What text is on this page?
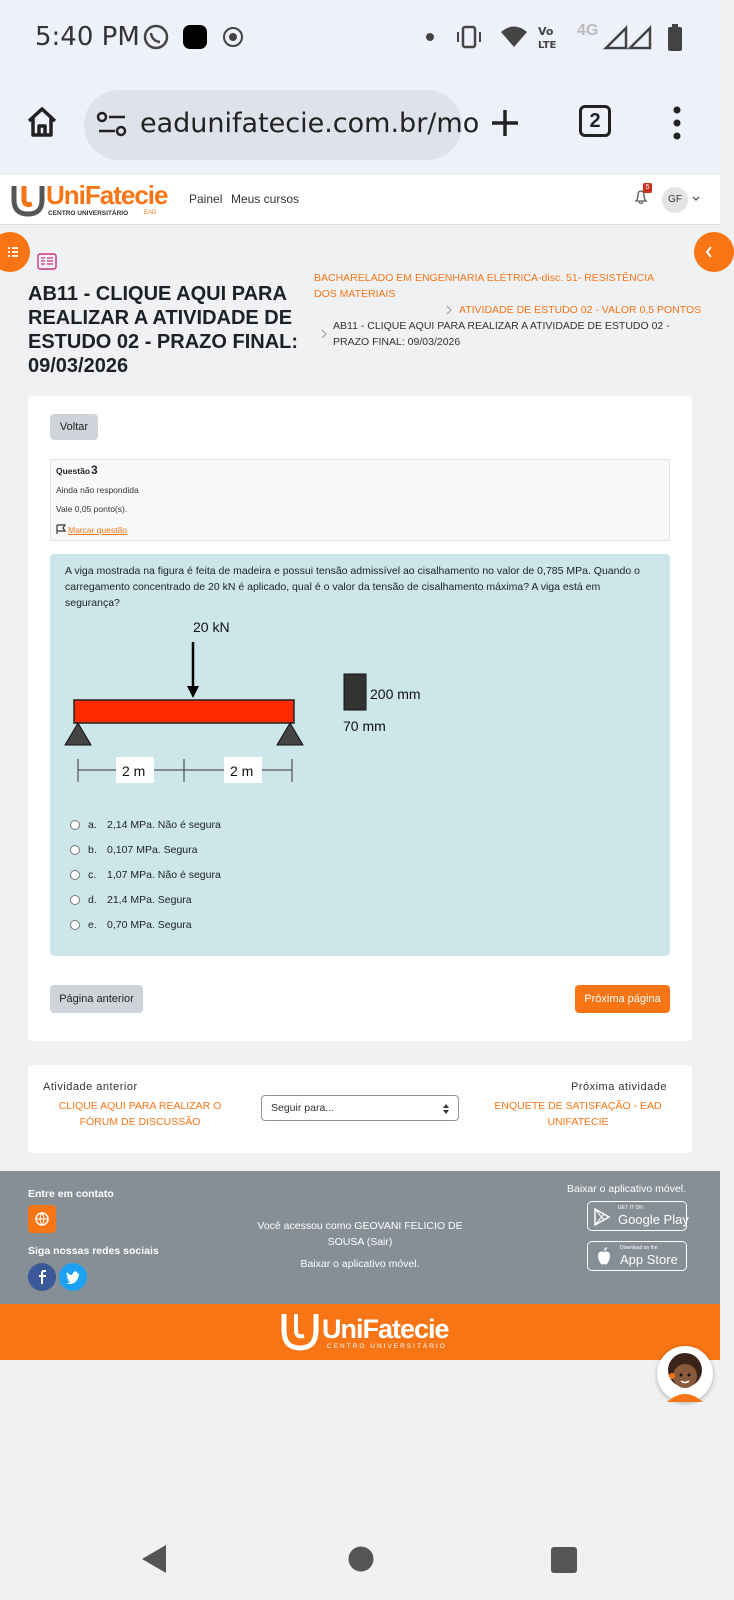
5:40 PM	Vo
LTE
4G
eadunifatecie.com.br/mo	2
UniFatecie
CENTRO UNIVERSITÁRIO	EAD
Painel Meus cursos
5
GF
AB11 - CLIQUE AQUI PARA REALIZAR A ATIVIDADE DE ESTUDO 02 - PRAZO FINAL: 09/03/2026
BACHARELADO EM ENGENHARIA ELÉTRICA-disc. 51- RESISTÊNCIA DOS MATERIAIS
ATIVIDADE DE ESTUDO 02 - VALOR 0,5 PONTOS
AB11 - CLIQUE AQUI PARA REALIZAR A ATIVIDADE DE ESTUDO 02 - PRAZO FINAL: 09/03/2026
Voltar
Questão 3
Ainda não respondida
Vale 0,05 ponto(s).
Marcar questão
A viga mostrada na figura é feita de madeira e possui tensão admissível ao cisalhamento no valor de 0,785 MPa. Quando o carregamento concentrado de 20 kN é aplicado, qual é o valor da tensão de cisalhamento máxima? A viga está em segurança?
20 kN
2 m	2 m
200 mm
70 mm
a. 2,14 MPa. Não é segura
b. 0,107 MPa. Segura
c.	1,07 MPa. Não é segura
d. 21,4 MPa. Segura
e. 0,70 MPa. Segura
Página anterior	Próxima página
Atividade anterior
CLIQUE AQUI PARA REALIZAR O FÓRUM DE DISCUSSÃO
Seguir para...
Próxima atividade
ENQUETE DE SATISFAÇÃO - EAD UNIFATECIE
Entre em contato
Siga nossas redes sociais
Você acessou como GEOVANI FELICIO DE SOUSA (Sair)
Baixar o aplicativo móvel.
Baixar o aplicativo móvel.
GET IT ON
Google Play
Download on the
App Store
UniFatecie
CENTRO UNIVERSITÁRIO
